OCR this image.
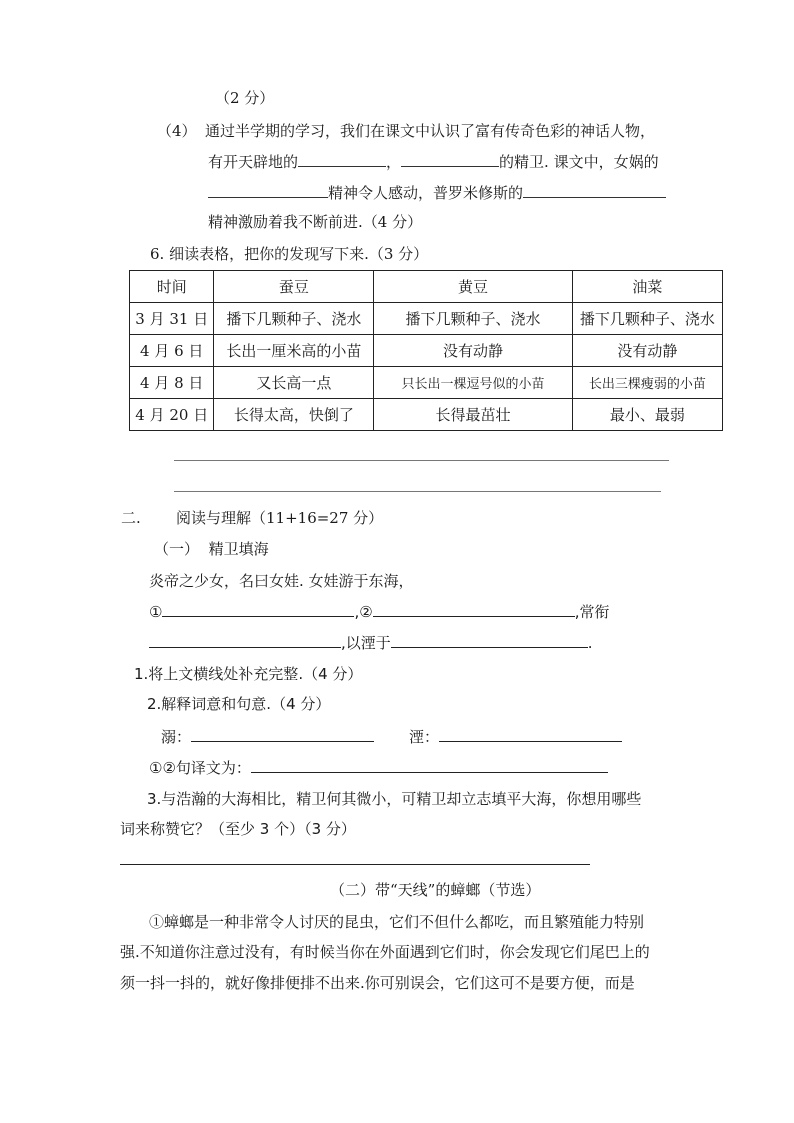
（2 分）
（4） 通过半学期的学习，我们在课文中认识了富有传奇色彩的神话人物，
有开天辟地的	，	的精卫. 课文中，女娲的
精神令人感动，普罗米修斯的
精神激励着我不断前进.（4 分）
6. 细读表格，把你的发现写下来.（3 分）
时间	蚕豆	黄豆	油菜
3 月 31 日	播下几颗种子、浇水	播下几颗种子、浇水	播下几颗种子、浇水
4 月 6 日	长出一厘米高的小苗	没有动静	没有动静
4 月 8 日	又长高一点	只长出一棵逗号似的小苗	长出三棵瘦弱的小苗
4 月 20 日	长得太高，快倒了	长得最茁壮	最小、最弱
二. 阅读与理解（11+16=27 分）
（一） 精卫填海
炎帝之少女，名曰女娃. 女娃游于东海，
①	,②	,常衔
,以湮于	.
1.将上文横线处补充完整.（4 分）
2.解释词意和句意.（4 分）
溺：	湮：
①②句译文为：
3.与浩瀚的大海相比，精卫何其微小，可精卫却立志填平大海，你想用哪些
词来称赞它？（至少 3 个）（3 分）
（二）带“天线”的蟑螂（节选）
①蟑螂是一种非常令人讨厌的昆虫，它们不但什么都吃，而且繁殖能力特别
强.不知道你注意过没有，有时候当你在外面遇到它们时，你会发现它们尾巴上的
须一抖一抖的，就好像排便排不出来.你可别误会，它们这可不是要方便，而是
